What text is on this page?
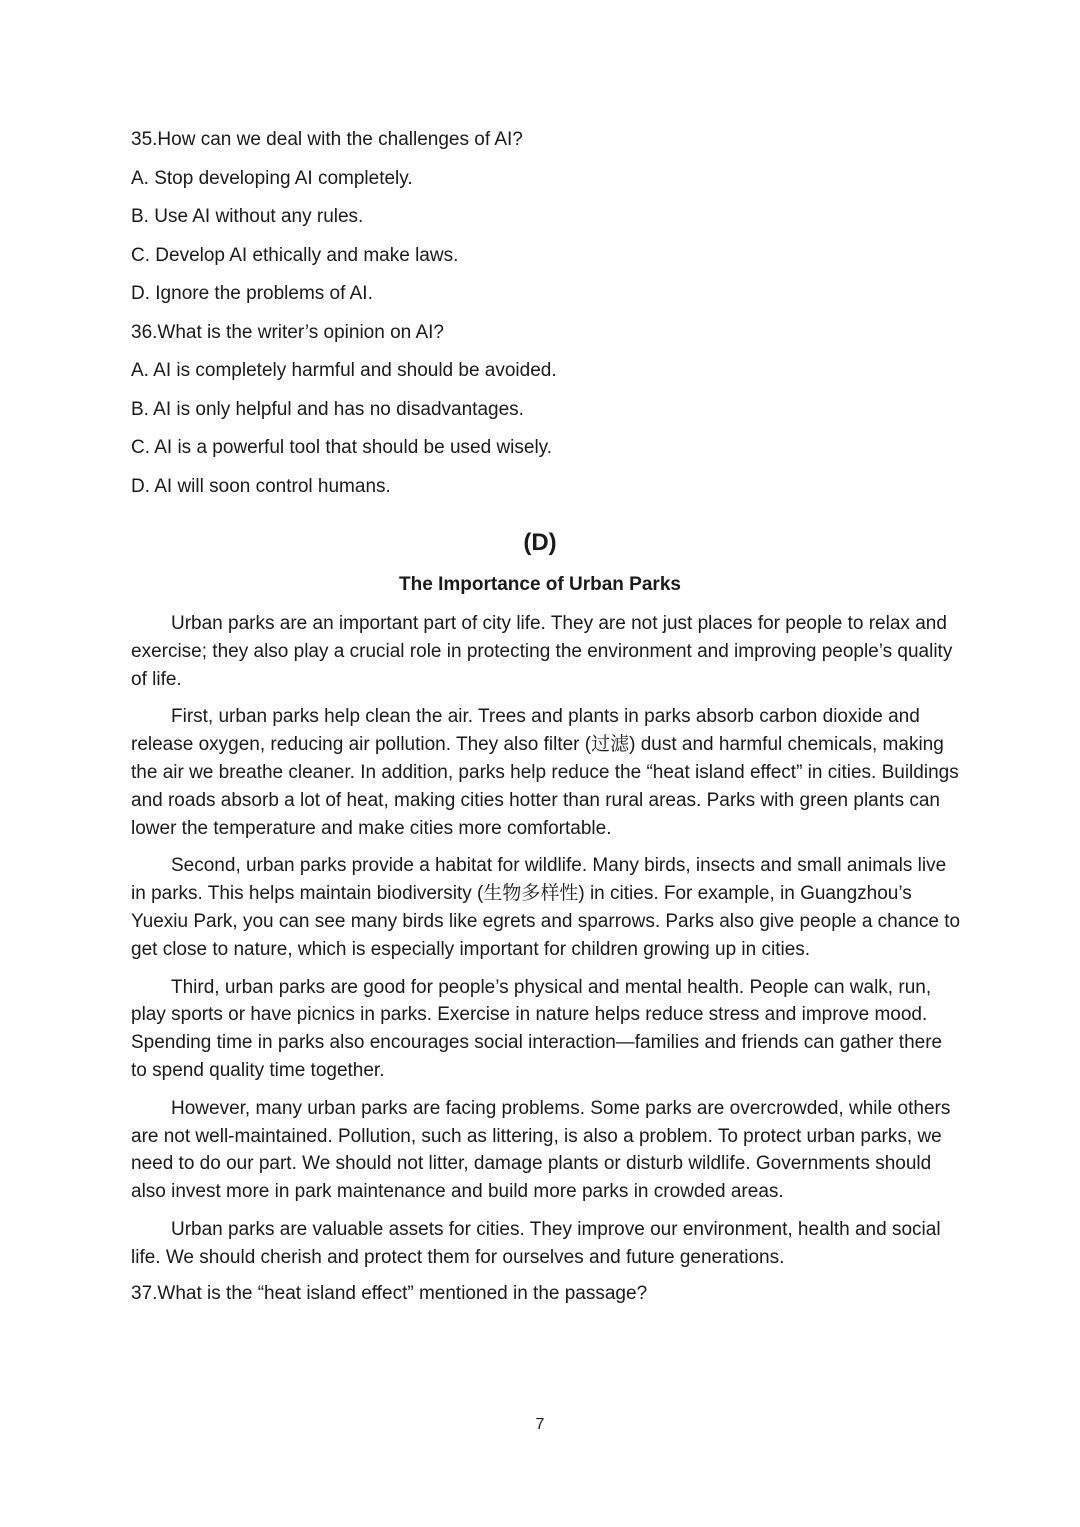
35.How can we deal with the challenges of AI?
A. Stop developing AI completely.
B. Use AI without any rules.
C. Develop AI ethically and make laws.
D. Ignore the problems of AI.
36.What is the writer’s opinion on AI?
A. AI is completely harmful and should be avoided.
B. AI is only helpful and has no disadvantages.
C. AI is a powerful tool that should be used wisely.
D. AI will soon control humans.
(D)
The Importance of Urban Parks

Urban parks are an important part of city life. They are not just places for people to relax and exercise; they also play a crucial role in protecting the environment and improving people’s quality of life.

First, urban parks help clean the air. Trees and plants in parks absorb carbon dioxide and release oxygen, reducing air pollution. They also filter (过滤) dust and harmful chemicals, making the air we breathe cleaner. In addition, parks help reduce the “heat island effect” in cities. Buildings and roads absorb a lot of heat, making cities hotter than rural areas. Parks with green plants can lower the temperature and make cities more comfortable.

Second, urban parks provide a habitat for wildlife. Many birds, insects and small animals live in parks. This helps maintain biodiversity (生物多样性) in cities. For example, in Guangzhou’s Yuexiu Park, you can see many birds like egrets and sparrows. Parks also give people a chance to get close to nature, which is especially important for children growing up in cities.

Third, urban parks are good for people’s physical and mental health. People can walk, run, play sports or have picnics in parks. Exercise in nature helps reduce stress and improve mood. Spending time in parks also encourages social interaction—families and friends can gather there to spend quality time together.

However, many urban parks are facing problems. Some parks are overcrowded, while others are not well-maintained. Pollution, such as littering, is also a problem. To protect urban parks, we need to do our part. We should not litter, damage plants or disturb wildlife. Governments should also invest more in park maintenance and build more parks in crowded areas.

Urban parks are valuable assets for cities. They improve our environment, health and social life. We should cherish and protect them for ourselves and future generations.

37.What is the “heat island effect” mentioned in the passage?
7
